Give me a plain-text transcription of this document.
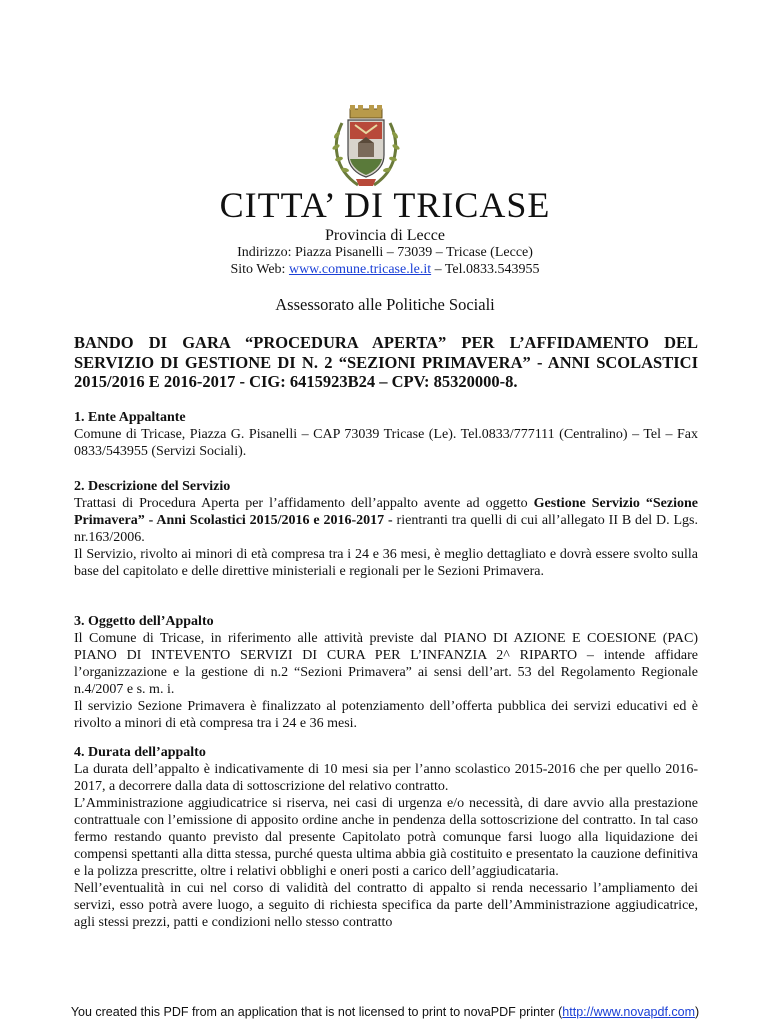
CITTA’ DI TRICASE
Provincia di Lecce
Indirizzo: Piazza Pisanelli – 73039 – Tricase (Lecce)
Sito Web: www.comune.tricase.le.it – Tel.0833.543955
Assessorato alle Politiche Sociali

BANDO DI GARA “PROCEDURA APERTA” PER L’AFFIDAMENTO DEL SERVIZIO DI GESTIONE DI N. 2 “SEZIONI PRIMAVERA” - ANNI SCOLASTICI 2015/2016 E 2016-2017 - CIG: 6415923B24 – CPV: 85320000-8.

1. Ente Appaltante

Comune di Tricase, Piazza G. Pisanelli – CAP 73039 Tricase (Le). Tel.0833/777111 (Centralino) – Tel – Fax 0833/543955 (Servizi Sociali).

2. Descrizione del Servizio

Trattasi di Procedura Aperta per l’affidamento dell’appalto avente ad oggetto Gestione Servizio “Sezione Primavera” - Anni Scolastici 2015/2016 e 2016-2017 - rientranti tra quelli di cui all’allegato II B del D. Lgs. nr.163/2006.

Il Servizio, rivolto ai minori di età compresa tra i 24 e 36 mesi, è meglio dettagliato e dovrà essere svolto sulla base del capitolato e delle direttive ministeriali e regionali per le Sezioni Primavera.

3. Oggetto dell’Appalto

Il Comune di Tricase, in riferimento alle attività previste dal PIANO DI AZIONE E COESIONE (PAC) PIANO DI INTEVENTO SERVIZI DI CURA PER L’INFANZIA 2^ RIPARTO – intende affidare l’organizzazione e la gestione di n.2 “Sezioni Primavera” ai sensi dell’art. 53 del Regolamento Regionale n.4/2007 e s. m. i.

Il servizio Sezione Primavera è finalizzato al potenziamento dell’offerta pubblica dei servizi educativi ed è rivolto a minori di età compresa tra i 24 e 36 mesi.

4. Durata dell’appalto

La durata dell’appalto è indicativamente di 10 mesi sia per l’anno scolastico 2015-2016 che per quello 2016-2017, a decorrere dalla data di sottoscrizione del relativo contratto.

L’Amministrazione aggiudicatrice si riserva, nei casi di urgenza e/o necessità, di dare avvio alla prestazione contrattuale con l’emissione di apposito ordine anche in pendenza della sottoscrizione del contratto. In tal caso fermo restando quanto previsto dal presente Capitolato potrà comunque farsi luogo alla liquidazione dei compensi spettanti alla ditta stessa, purché questa ultima abbia già costituito e presentato la cauzione definitiva e la polizza prescritte, oltre i relativi obblighi e oneri posti a carico dell’aggiudicataria.

Nell’eventualità in cui nel corso di validità del contratto di appalto si renda necessario l’ampliamento dei servizi, esso potrà avere luogo, a seguito di richiesta specifica da parte dell’Amministrazione aggiudicatrice, agli stessi prezzi, patti e condizioni nello stesso contratto

You created this PDF from an application that is not licensed to print to novaPDF printer (http://www.novapdf.com)
